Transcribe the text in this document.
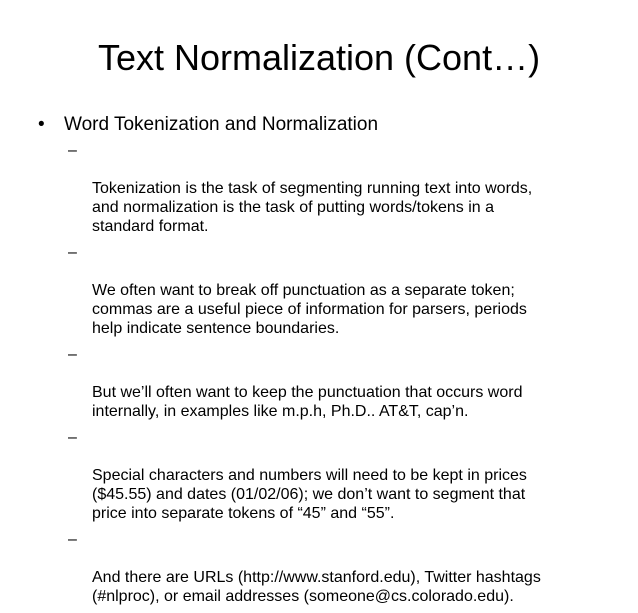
Text Normalization (Cont…)
• Word Tokenization and Normalization

–

Tokenization is the task of segmenting running text into words,
and normalization is the task of putting words/tokens in a
standard format.

–

We often want to break off punctuation as a separate token;
commas are a useful piece of information for parsers, periods
help indicate sentence boundaries.

–

But we’ll often want to keep the punctuation that occurs word
internally, in examples like m.p.h, Ph.D.. AT&T, cap’n.

–

Special characters and numbers will need to be kept in prices
($45.55) and dates (01/02/06); we don’t want to segment that
price into separate tokens of “45” and “55”.

–

And there are URLs (http://www.stanford.edu), Twitter hashtags
(#nlproc), or email addresses (someone@cs.colorado.edu).
